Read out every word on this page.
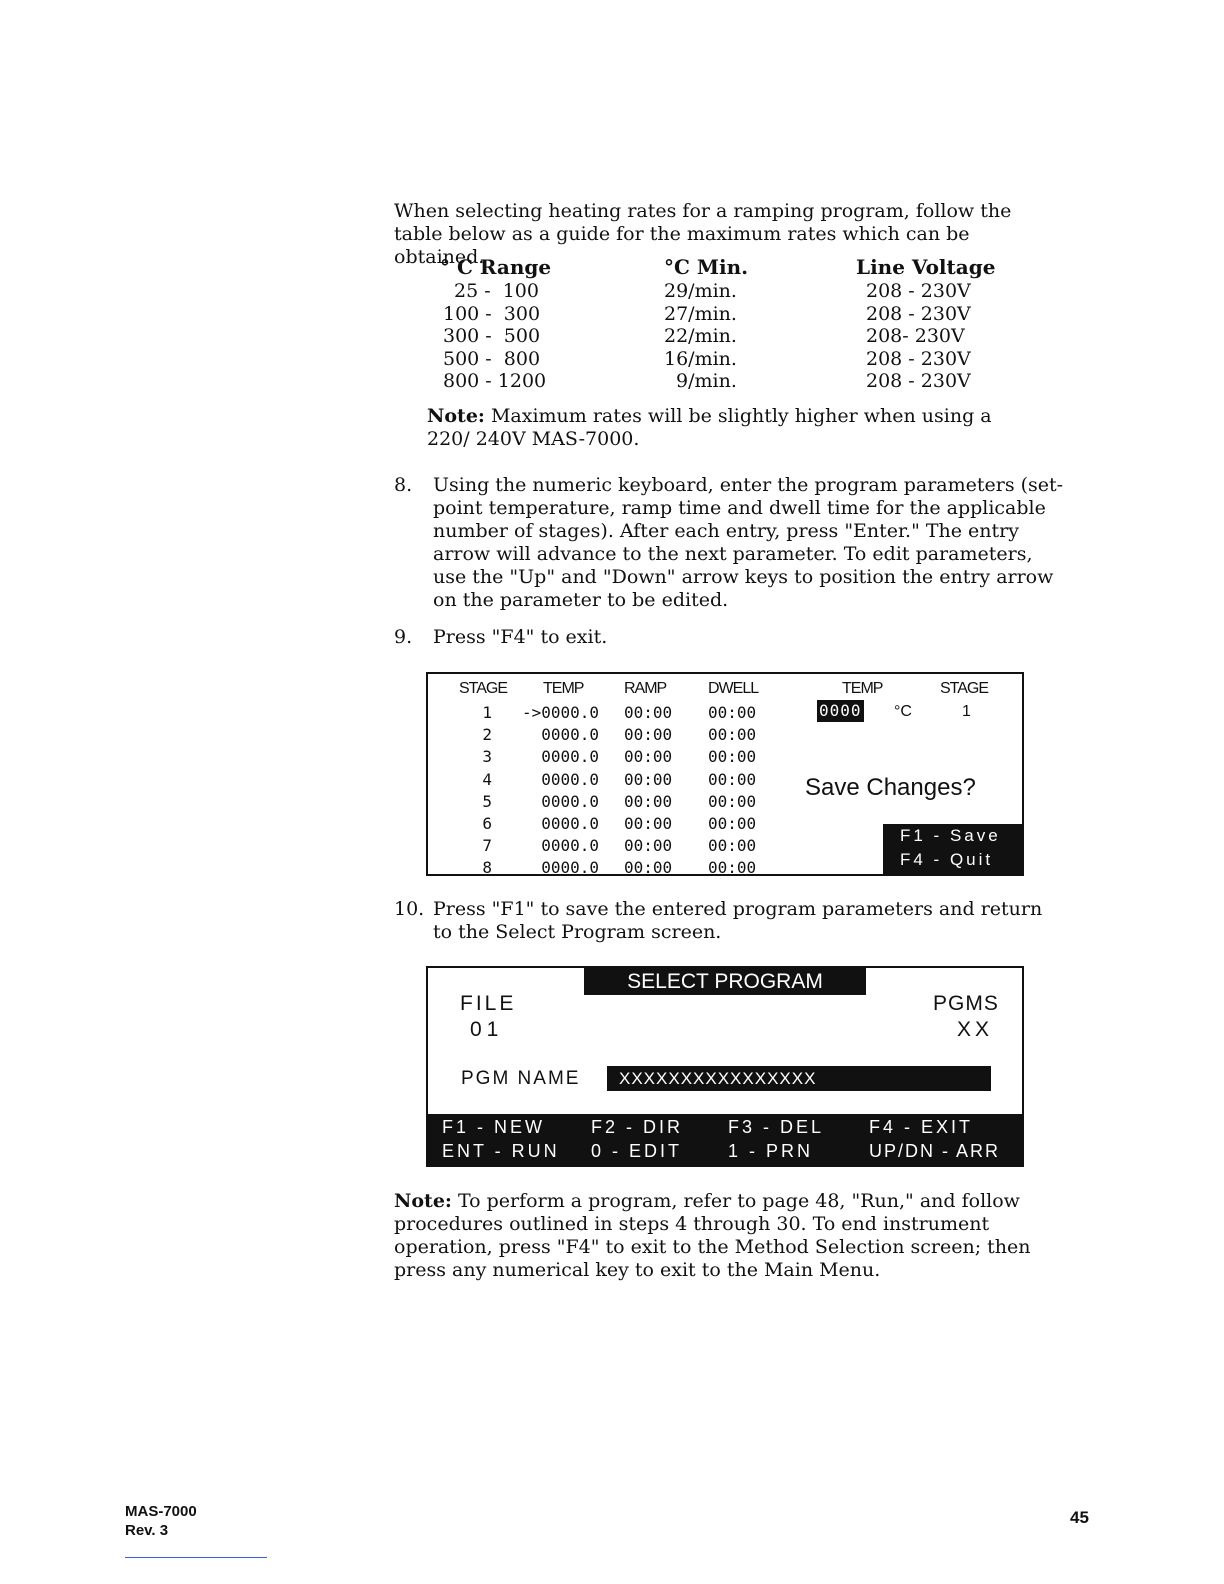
When selecting heating rates for a ramping program, follow the table below as a guide for the maximum rates which can be obtained.
° C Range	°C Min.	Line Voltage
25 -  100	29/min.	208 - 230V
100 -  300	27/min.	208 - 230V
300 -  500	22/min.	208- 230V
500 -  800	16/min.	208 - 230V
800 - 1200	9/min.	208 - 230V
Note: Maximum rates will be slightly higher when using a 220/ 240V MAS-7000.
8.	Using the numeric keyboard, enter the program parameters (set-point temperature, ramp time and dwell time for the applicable number of stages). After each entry, press "Enter." The entry arrow will advance to the next parameter. To edit parameters, use the "Up" and "Down" arrow keys to position the entry arrow on the parameter to be edited.
9.	Press "F4" to exit.
STAGE TEMP	RAMP	DWELL
1	->0000.0 00:00	00:00
2	0000.0 00:00	00:00
3	0000.0 00:00	00:00
4	0000.0 00:00	00:00
5	0000.0 00:00	00:00
6	0000.0 00:00	00:00
7	0000.0 00:00	00:00
8	0000.0 00:00	00:00
TEMP	STAGE
0000 °C	1
Save Changes?
F1 - Save
F4 - Quit
10. Press "F1" to save the entered program parameters and return to the Select Program screen.
SELECT PROGRAM
FILE
01
PGMS
XX
PGM NAME	XXXXXXXXXXXXXXXX
F1 - NEW	F2 - DIR F3 - DEL F4 - EXIT
ENT - RUN 0 - EDIT	1 - PRN	UP/DN - ARR
Note: To perform a program, refer to page 48, "Run," and follow procedures outlined in steps 4 through 30. To end instrument operation, press "F4" to exit to the Method Selection screen; then press any numerical key to exit to the Main Menu.
MAS-7000
Rev. 3
45
